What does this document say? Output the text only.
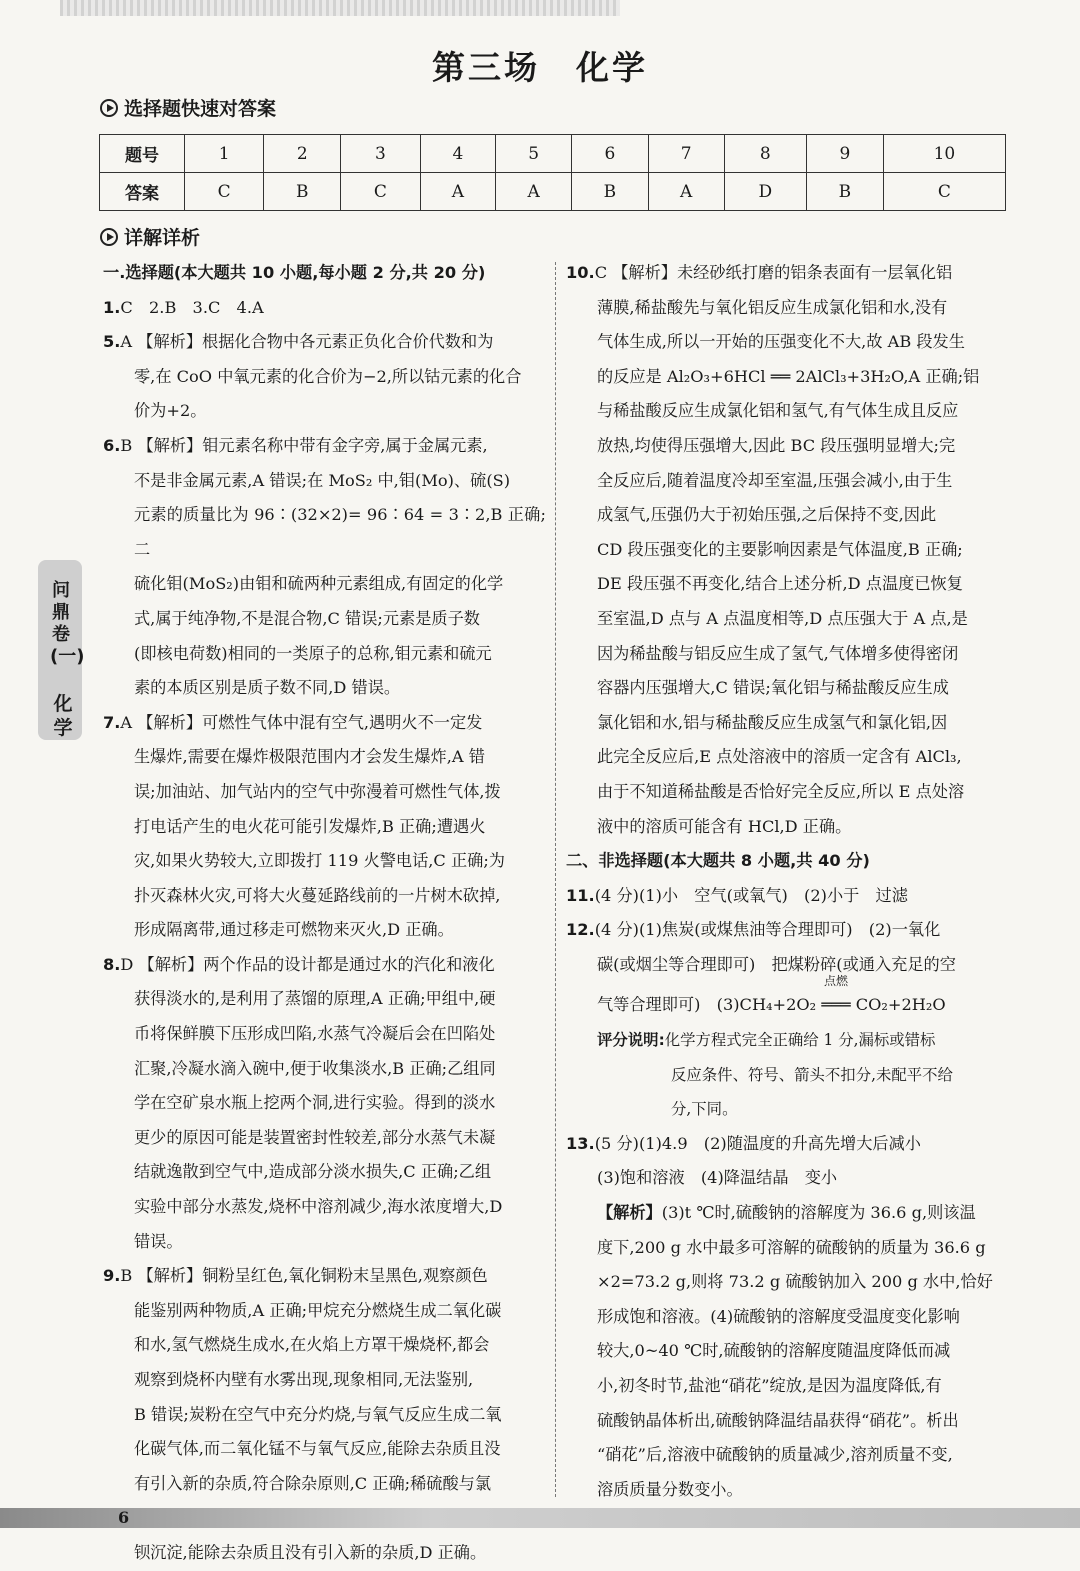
第三场　化学
选择题快速对答案
题号	1	2	3	4	5	6	7	8	9	10
答案	C	B	C	A	A	B	A	D	B	C
详解详析
问鼎卷(一)
化学

一.选择题(本大题共 10 小题,每小题 2 分,共 20 分)

1.C　2.B　3.C　4.A

5.A 【解析】根据化合物中各元素正负化合价代数和为

零,在 CoO 中氧元素的化合价为−2,所以钴元素的化合

价为+2。

6.B 【解析】钼元素名称中带有金字旁,属于金属元素,

不是非金属元素,A 错误;在 MoS₂ 中,钼(Mo)、硫(S)

元素的质量比为 96∶(32×2)= 96∶64 = 3∶2,B 正确;二

硫化钼(MoS₂)由钼和硫两种元素组成,有固定的化学

式,属于纯净物,不是混合物,C 错误;元素是质子数

(即核电荷数)相同的一类原子的总称,钼元素和硫元

素的本质区别是质子数不同,D 错误。

7.A 【解析】可燃性气体中混有空气,遇明火不一定发

生爆炸,需要在爆炸极限范围内才会发生爆炸,A 错

误;加油站、加气站内的空气中弥漫着可燃性气体,拨

打电话产生的电火花可能引发爆炸,B 正确;遭遇火

灾,如果火势较大,立即拨打 119 火警电话,C 正确;为

扑灭森林火灾,可将大火蔓延路线前的一片树木砍掉,

形成隔离带,通过移走可燃物来灭火,D 正确。

8.D 【解析】两个作品的设计都是通过水的汽化和液化

获得淡水的,是利用了蒸馏的原理,A 正确;甲组中,硬

币将保鲜膜下压形成凹陷,水蒸气冷凝后会在凹陷处

汇聚,冷凝水滴入碗中,便于收集淡水,B 正确;乙组同

学在空矿泉水瓶上挖两个洞,进行实验。得到的淡水

更少的原因可能是装置密封性较差,部分水蒸气未凝

结就逸散到空气中,造成部分淡水损失,C 正确;乙组

实验中部分水蒸发,烧杯中溶剂减少,海水浓度增大,D

错误。

9.B 【解析】铜粉呈红色,氧化铜粉末呈黑色,观察颜色

能鉴别两种物质,A 正确;甲烷充分燃烧生成二氧化碳

和水,氢气燃烧生成水,在火焰上方罩干燥烧杯,都会

观察到烧杯内壁有水雾出现,现象相同,无法鉴别,

B 错误;炭粉在空气中充分灼烧,与氧气反应生成二氧

化碳气体,而二氧化锰不与氧气反应,能除去杂质且没

有引入新的杂质,符合除杂原则,C 正确;稀硫酸与氯

钡沉淀,能除去杂质且没有引入新的杂质,D 正确。

10.C 【解析】未经砂纸打磨的铝条表面有一层氧化铝

薄膜,稀盐酸先与氧化铝反应生成氯化铝和水,没有

气体生成,所以一开始的压强变化不大,故 AB 段发生

的反应是 Al₂O₃+6HCl ══ 2AlCl₃+3H₂O,A 正确;铝

与稀盐酸反应生成氯化铝和氢气,有气体生成且反应

放热,均使得压强增大,因此 BC 段压强明显增大;完

全反应后,随着温度冷却至室温,压强会减小,由于生

成氢气,压强仍大于初始压强,之后保持不变,因此

CD 段压强变化的主要影响因素是气体温度,B 正确;

DE 段压强不再变化,结合上述分析,D 点温度已恢复

至室温,D 点与 A 点温度相等,D 点压强大于 A 点,是

因为稀盐酸与铝反应生成了氢气,气体增多使得密闭

容器内压强增大,C 错误;氧化铝与稀盐酸反应生成

氯化铝和水,铝与稀盐酸反应生成氢气和氯化铝,因

此完全反应后,E 点处溶液中的溶质一定含有 AlCl₃,

由于不知道稀盐酸是否恰好完全反应,所以 E 点处溶

液中的溶质可能含有 HCl,D 正确。

二、非选择题(本大题共 8 小题,共 40 分)

11.(4 分)(1)小　空气(或氧气)　(2)小于　过滤

12.(4 分)(1)焦炭(或煤焦油等合理即可)　(2)一氧化

碳(或烟尘等合理即可)　把煤粉碎(或通入充足的空

气等合理即可)　(3)CH₄+2O₂
点燃
═══ CO₂+2H₂O

评分说明:化学方程式完全正确给 1 分,漏标或错标

反应条件、符号、箭头不扣分,未配平不给

分,下同。

13.(5 分)(1)4.9　(2)随温度的升高先增大后减小

(3)饱和溶液　(4)降温结晶　变小

【解析】(3)t ℃时,硫酸钠的溶解度为 36.6 g,则该温

度下,200 g 水中最多可溶解的硫酸钠的质量为 36.6 g

×2=73.2 g,则将 73.2 g 硫酸钠加入 200 g 水中,恰好

形成饱和溶液。(4)硫酸钠的溶解度受温度变化影响

较大,0~40 ℃时,硫酸钠的溶解度随温度降低而减

小,初冬时节,盐池“硝花”绽放,是因为温度降低,有

硫酸钠晶体析出,硫酸钠降温结晶获得“硝花”。析出

“硝花”后,溶液中硫酸钠的质量减少,溶剂质量不变,

溶质质量分数变小。

6
